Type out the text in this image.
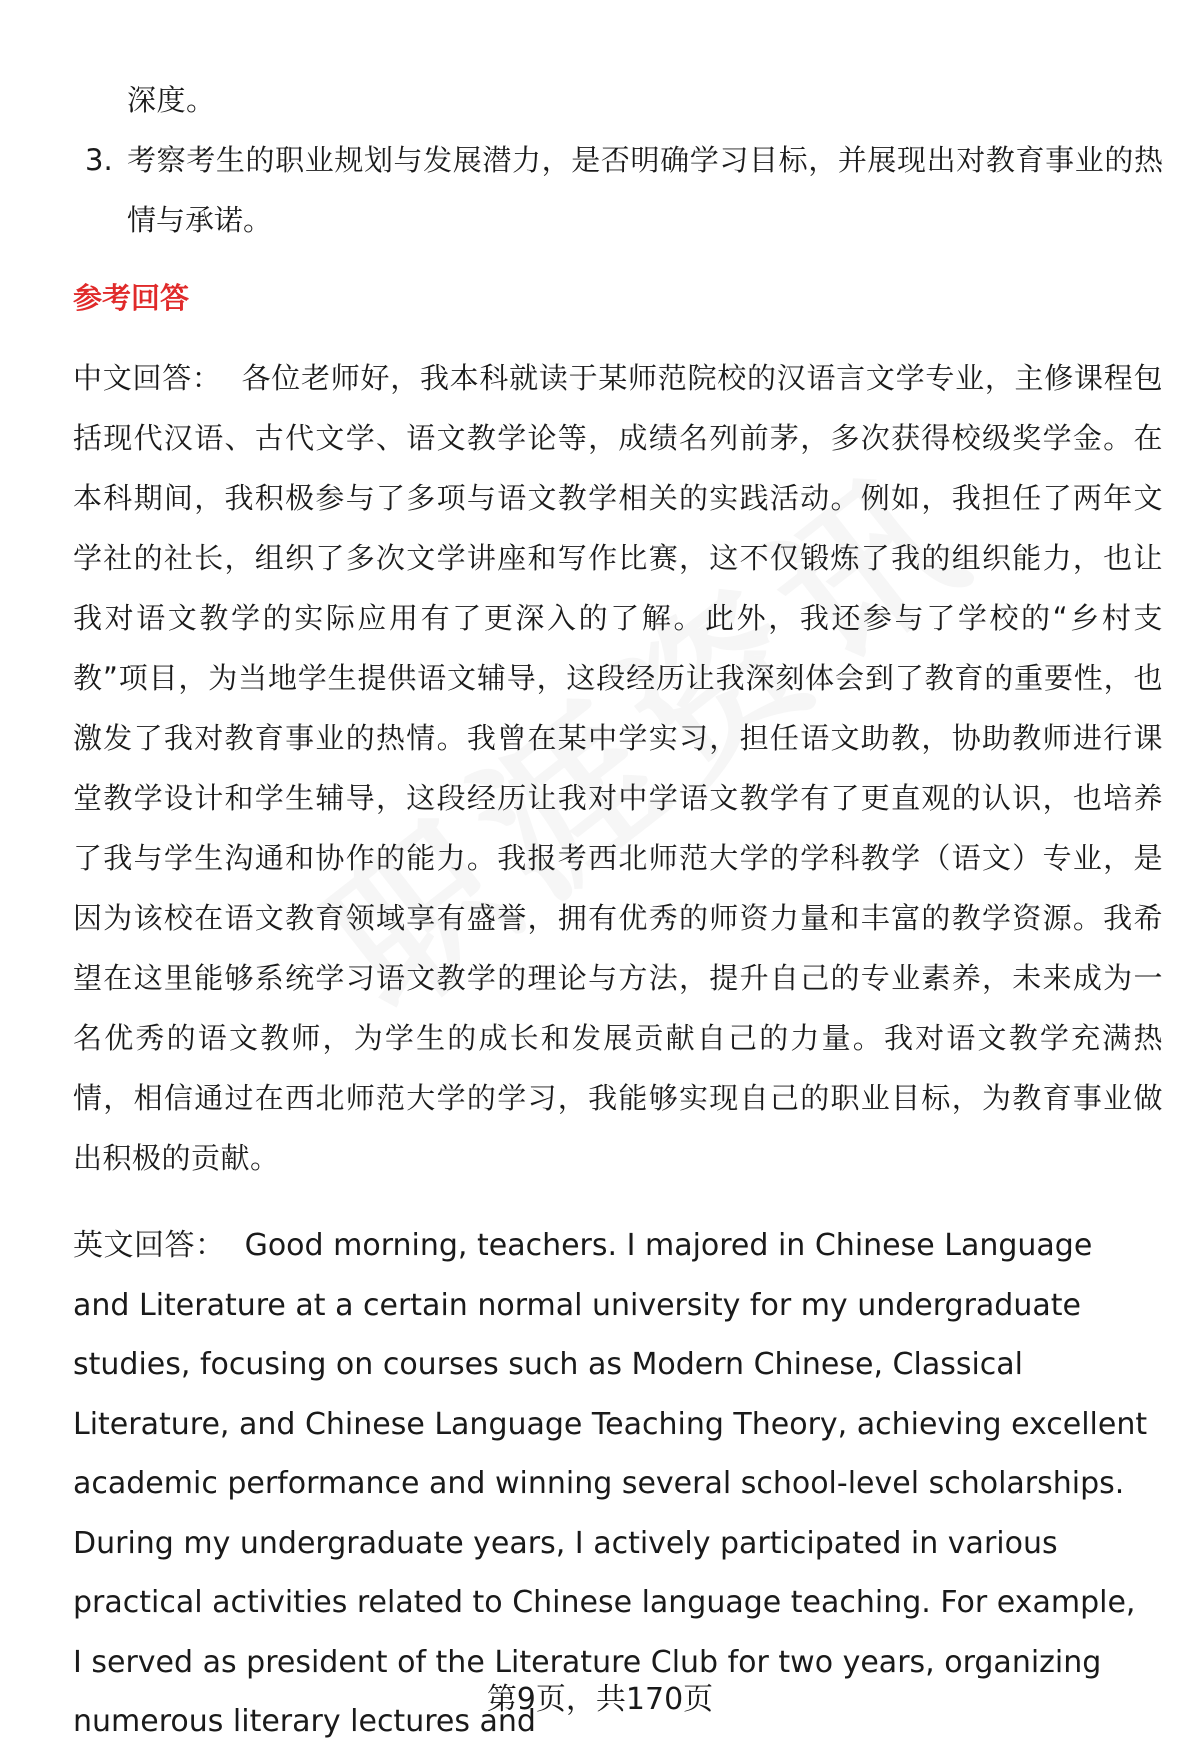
深度。
3. 考察考生的职业规划与发展潜力，是否明确学习目标，并展现出对教育事业的热情与承诺。
参考回答
中文回答： 各位老师好，我本科就读于某师范院校的汉语言文学专业，主修课程包括现代汉语、古代文学、语文教学论等，成绩名列前茅，多次获得校级奖学金。在本科期间，我积极参与了多项与语文教学相关的实践活动。例如，我担任了两年文学社的社长，组织了多次文学讲座和写作比赛，这不仅锻炼了我的组织能力，也让我对语文教学的实际应用有了更深入的了解。此外，我还参与了学校的“乡村支教”项目，为当地学生提供语文辅导，这段经历让我深刻体会到了教育的重要性，也激发了我对教育事业的热情。我曾在某中学实习，担任语文助教，协助教师进行课堂教学设计和学生辅导，这段经历让我对中学语文教学有了更直观的认识，也培养了我与学生沟通和协作的能力。我报考西北师范大学的学科教学（语文）专业，是因为该校在语文教育领域享有盛誉，拥有优秀的师资力量和丰富的教学资源。我希望在这里能够系统学习语文教学的理论与方法，提升自己的专业素养，未来成为一名优秀的语文教师，为学生的成长和发展贡献自己的力量。我对语文教学充满热情，相信通过在西北师范大学的学习，我能够实现自己的职业目标，为教育事业做出积极的贡献。
英文回答： Good morning, teachers. I majored in Chinese Language and Literature at a certain normal university for my undergraduate studies, focusing on courses such as Modern Chinese, Classical Literature, and Chinese Language Teaching Theory, achieving excellent academic performance and winning several school-level scholarships. During my undergraduate years, I actively participated in various practical activities related to Chinese language teaching. For example, I served as president of the Literature Club for two years, organizing numerous literary lectures and
第9页，共170页
